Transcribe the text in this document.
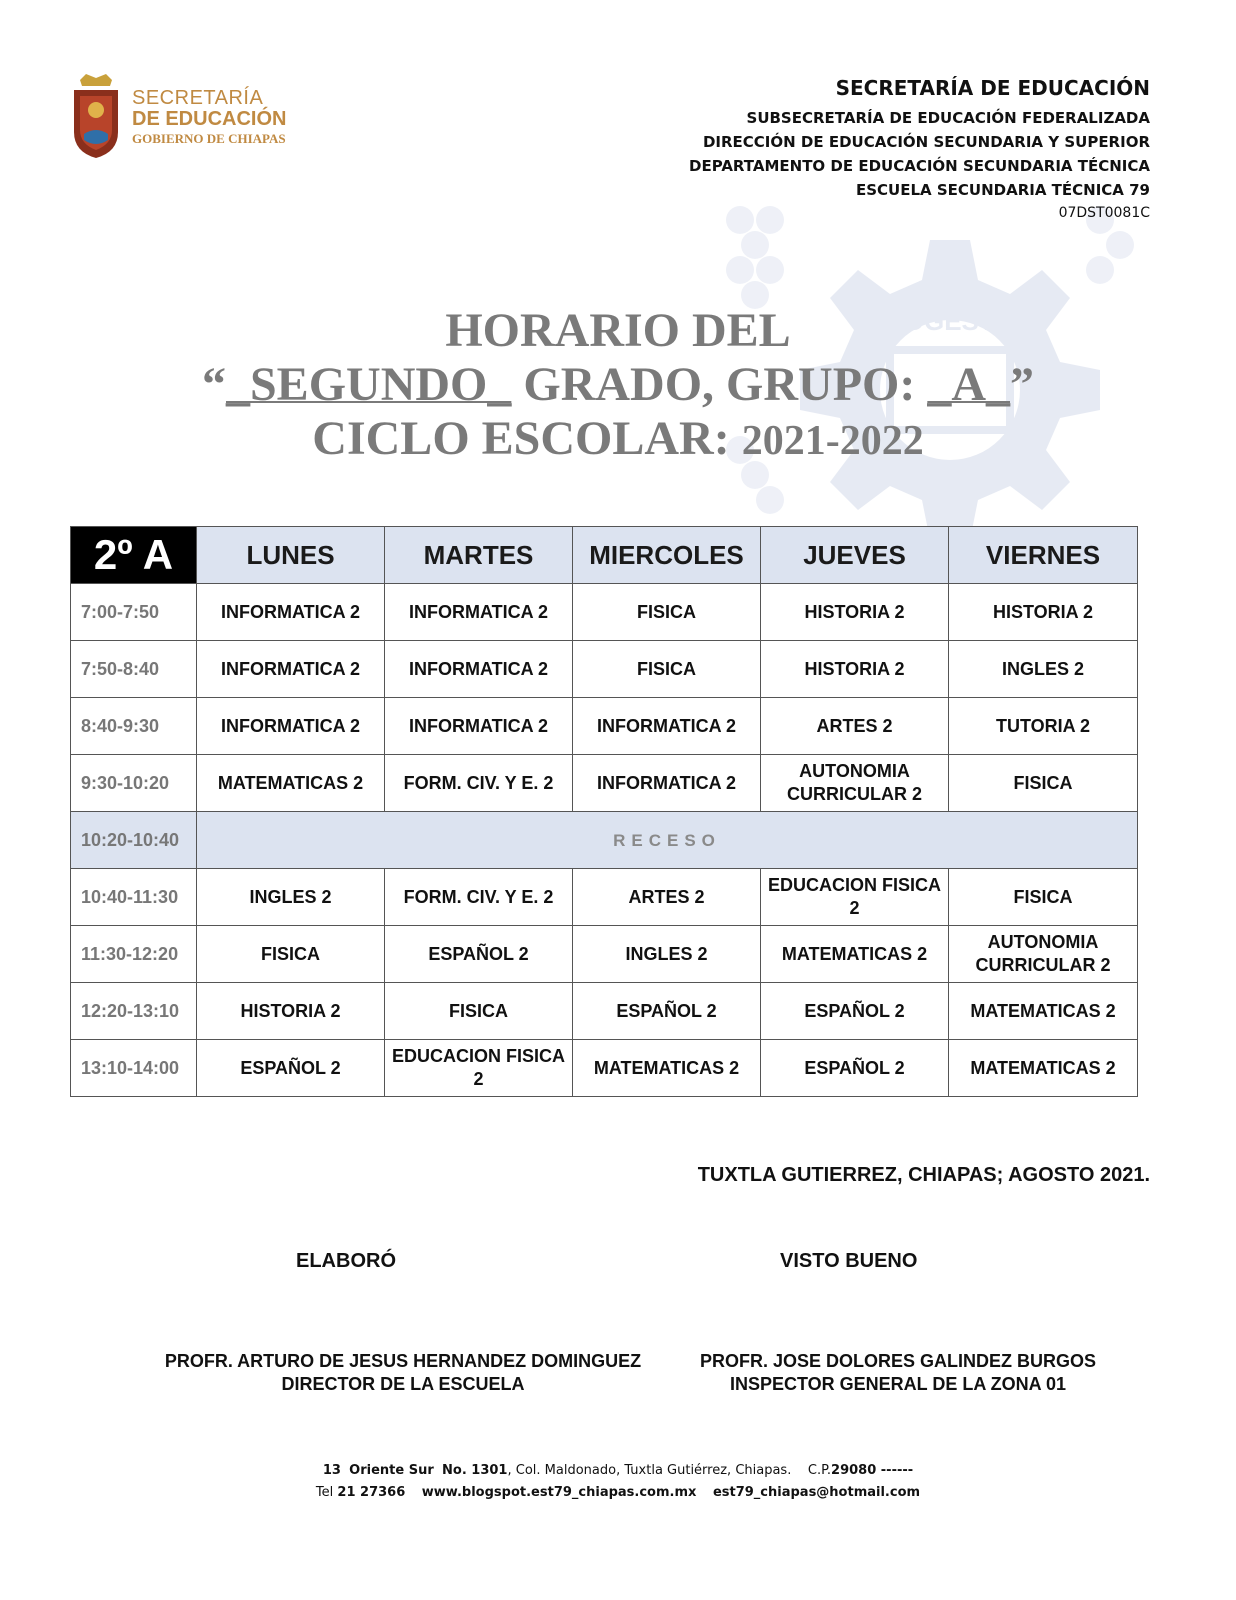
DGEST
SECRETARÍA
DE EDUCACIÓN
GOBIERNO DE CHIAPAS
SECRETARÍA DE EDUCACIÓN
SUBSECRETARÍA DE EDUCACIÓN FEDERALIZADA
DIRECCIÓN DE EDUCACIÓN SECUNDARIA Y SUPERIOR
DEPARTAMENTO DE EDUCACIÓN SECUNDARIA TÉCNICA
ESCUELA SECUNDARIA TÉCNICA 79
07DST0081C
HORARIO DEL
“_SEGUNDO_ GRADO, GRUPO: _A_”
CICLO ESCOLAR: 2021-2022
2º A	LUNES	MARTES	MIERCOLES	JUEVES	VIERNES
7:00-7:50	INFORMATICA 2	INFORMATICA 2	FISICA	HISTORIA 2	HISTORIA 2
7:50-8:40	INFORMATICA 2	INFORMATICA 2	FISICA	HISTORIA 2	INGLES 2
8:40-9:30	INFORMATICA 2	INFORMATICA 2	INFORMATICA 2	ARTES 2	TUTORIA 2
9:30-10:20	MATEMATICAS 2	FORM. CIV. Y E. 2	INFORMATICA 2	AUTONOMIA CURRICULAR 2	FISICA
10:20-10:40	RECESO				
10:40-11:30	INGLES 2	FORM. CIV. Y E. 2	ARTES 2	EDUCACION FISICA 2	FISICA
11:30-12:20	FISICA	ESPAÑOL 2	INGLES 2	MATEMATICAS 2	AUTONOMIA CURRICULAR 2
12:20-13:10	HISTORIA 2	FISICA	ESPAÑOL 2	ESPAÑOL 2	MATEMATICAS 2
13:10-14:00	ESPAÑOL 2	EDUCACION FISICA 2	MATEMATICAS 2	ESPAÑOL 2	MATEMATICAS 2
TUXTLA GUTIERREZ, CHIAPAS; AGOSTO 2021.
ELABORÓ	VISTO BUENO
PROFR. ARTURO DE JESUS HERNANDEZ DOMINGUEZ
DIRECTOR DE LA ESCUELA
PROFR. JOSE DOLORES GALINDEZ BURGOS
INSPECTOR GENERAL DE LA ZONA 01
13 Oriente Sur No. 1301, Col. Maldonado, Tuxtla Gutiérrez, Chiapas. C.P.29080 ------
Tel 21 27366 www.blogspot.est79_chiapas.com.mx est79_chiapas@hotmail.com
